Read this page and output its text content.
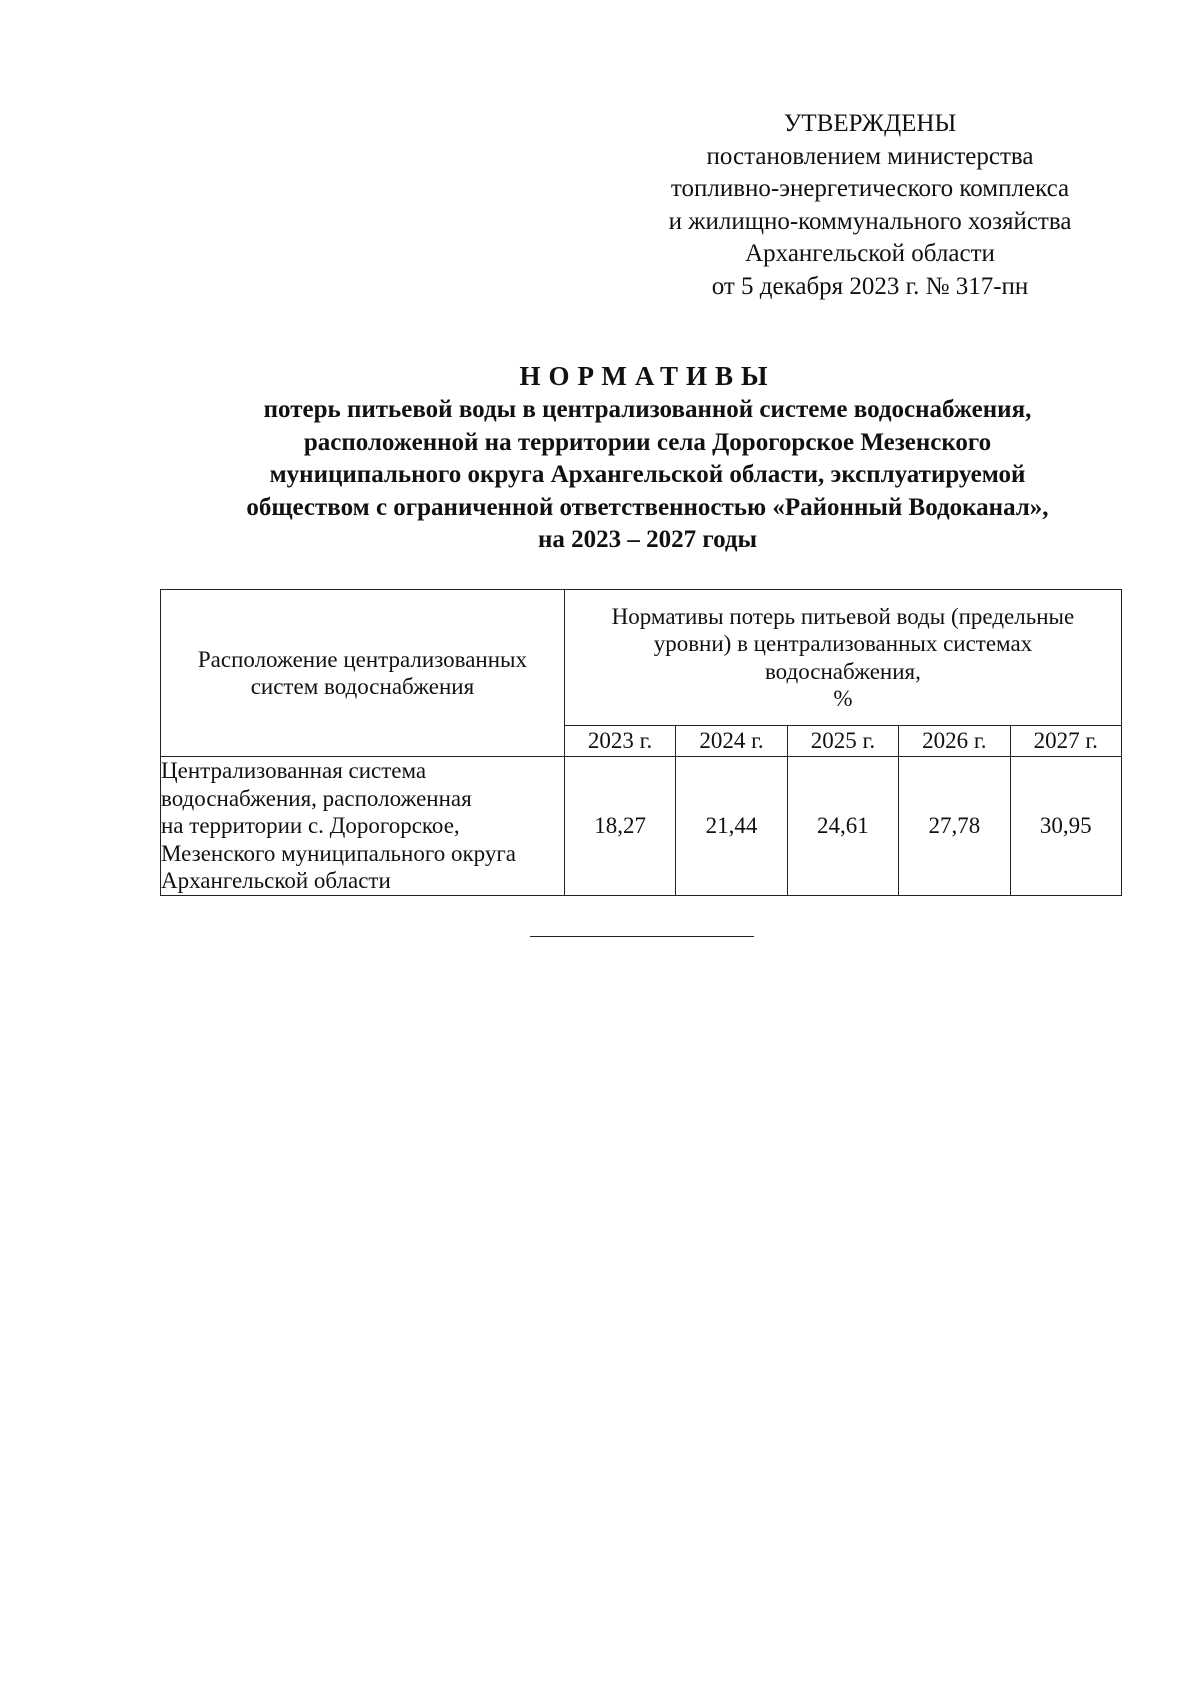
УТВЕРЖДЕНЫ
постановлением министерства
топливно-энергетического комплекса
и жилищно-коммунального хозяйства
Архангельской области
от 5 декабря 2023 г. № 317-пн
НОРМАТИВЫ
потерь питьевой воды в централизованной системе водоснабжения,
расположенной на территории села Дорогорское Мезенского
муниципального округа Архангельской области, эксплуатируемой
обществом с ограниченной ответственностью «Районный Водоканал»,
на 2023 – 2027 годы
Расположение централизованных
систем водоснабжения	Нормативы потерь питьевой воды (предельные
уровни) в централизованных системах
водоснабжения,
%				

	2023 г.	2024 г.	2025 г.	2026 г.	2027 г.

Централизованная система
водоснабжения, расположенная
на территории с. Дорогорское,
Мезенского муниципального округа
Архангельской области	18,27	21,44	24,61	27,78	30,95
